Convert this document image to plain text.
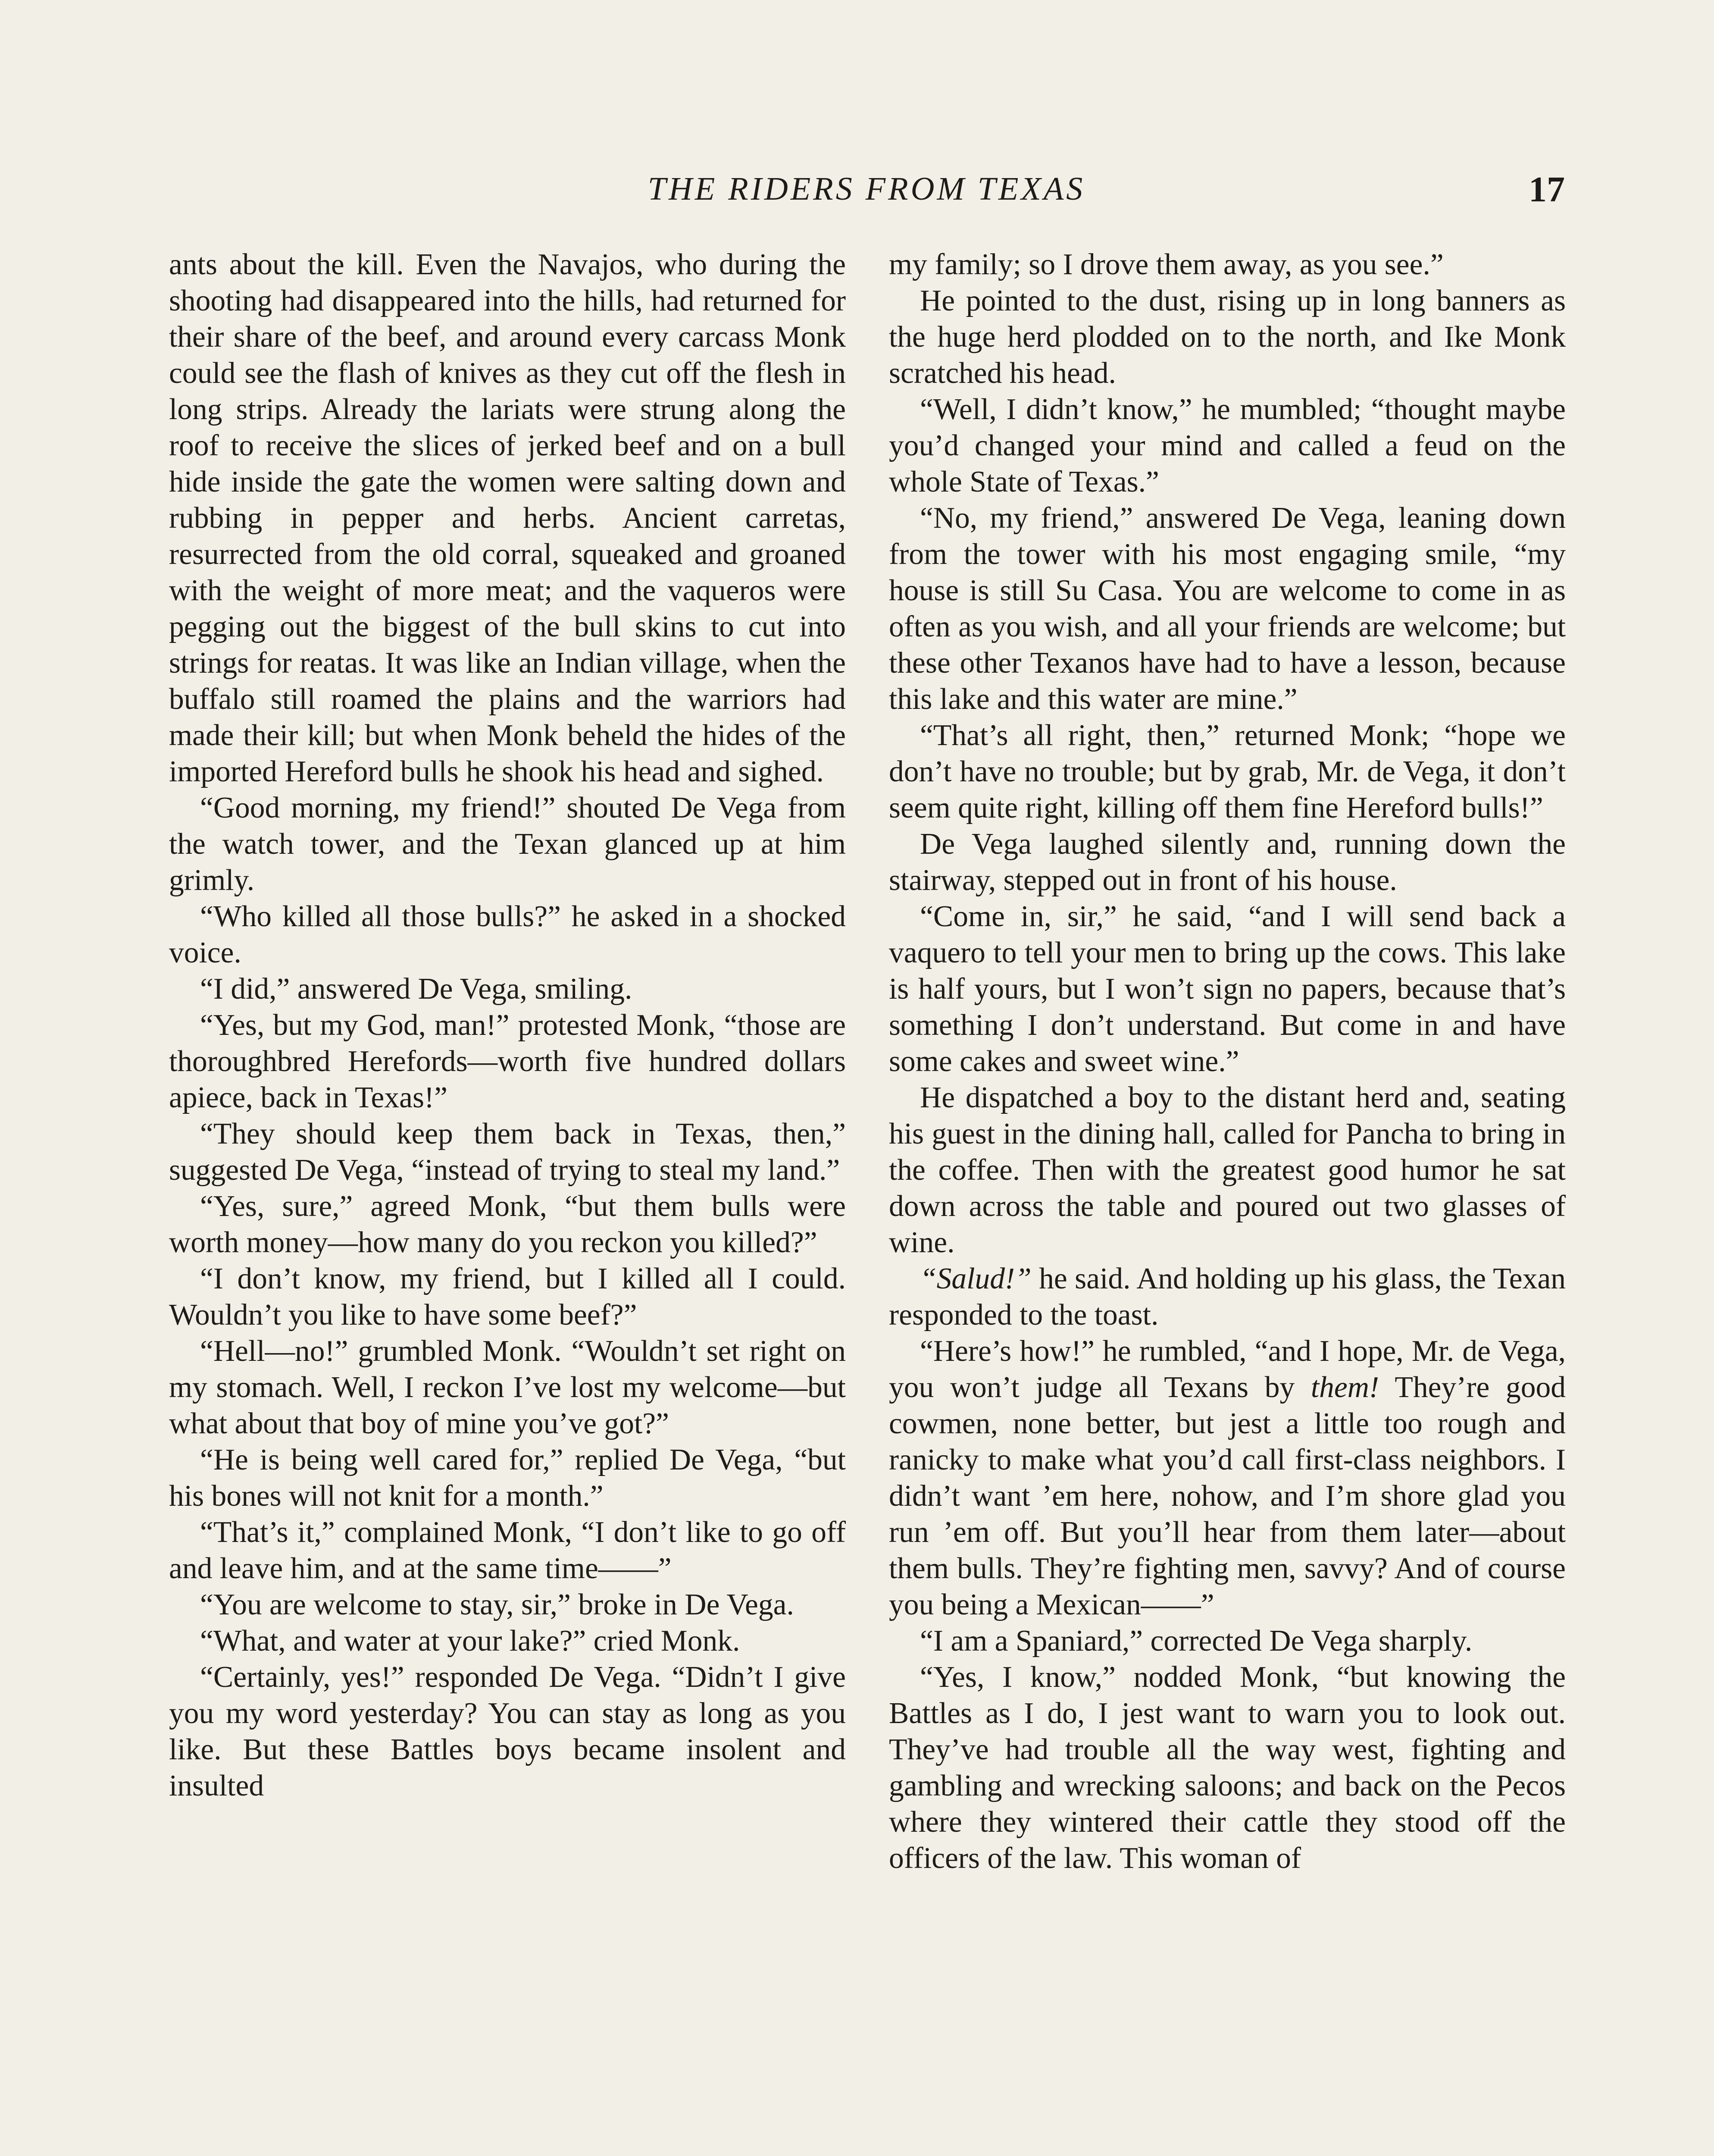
THE RIDERS FROM TEXAS	17

ants about the kill. Even the Navajos, who during the shooting had disappeared into the hills, had returned for their share of the beef, and around every carcass Monk could see the flash of knives as they cut off the flesh in long strips. Already the lariats were strung along the roof to receive the slices of jerked beef and on a bull hide inside the gate the women were salting down and rubbing in pepper and herbs. Ancient carretas, resurrected from the old corral, squeaked and groaned with the weight of more meat; and the vaqueros were pegging out the biggest of the bull skins to cut into strings for reatas. It was like an Indian village, when the buffalo still roamed the plains and the warriors had made their kill; but when Monk beheld the hides of the imported Hereford bulls he shook his head and sighed.

“Good morning, my friend!” shouted De Vega from the watch tower, and the Texan glanced up at him grimly.

“Who killed all those bulls?” he asked in a shocked voice.

“I did,” answered De Vega, smiling.

“Yes, but my God, man!” protested Monk, “those are thoroughbred Herefords—worth five hundred dollars apiece, back in Texas!”

“They should keep them back in Texas, then,” suggested De Vega, “instead of trying to steal my land.”

“Yes, sure,” agreed Monk, “but them bulls were worth money—how many do you reckon you killed?”

“I don’t know, my friend, but I killed all I could. Wouldn’t you like to have some beef?”

“Hell—no!” grumbled Monk. “Wouldn’t set right on my stomach. Well, I reckon I’ve lost my welcome—but what about that boy of mine you’ve got?”

“He is being well cared for,” replied De Vega, “but his bones will not knit for a month.”

“That’s it,” complained Monk, “I don’t like to go off and leave him, and at the same time——”

“You are welcome to stay, sir,” broke in De Vega.

“What, and water at your lake?” cried Monk.

“Certainly, yes!” responded De Vega. “Didn’t I give you my word yesterday? You can stay as long as you like. But these Battles boys became insolent and insulted

my family; so I drove them away, as you see.”

He pointed to the dust, rising up in long banners as the huge herd plodded on to the north, and Ike Monk scratched his head.

“Well, I didn’t know,” he mumbled; “thought maybe you’d changed your mind and called a feud on the whole State of Texas.”

“No, my friend,” answered De Vega, leaning down from the tower with his most engaging smile, “my house is still Su Casa. You are welcome to come in as often as you wish, and all your friends are welcome; but these other Texanos have had to have a lesson, because this lake and this water are mine.”

“That’s all right, then,” returned Monk; “hope we don’t have no trouble; but by grab, Mr. de Vega, it don’t seem quite right, killing off them fine Hereford bulls!”

De Vega laughed silently and, running down the stairway, stepped out in front of his house.

“Come in, sir,” he said, “and I will send back a vaquero to tell your men to bring up the cows. This lake is half yours, but I won’t sign no papers, because that’s something I don’t understand. But come in and have some cakes and sweet wine.”

He dispatched a boy to the distant herd and, seating his guest in the dining hall, called for Pancha to bring in the coffee. Then with the greatest good humor he sat down across the table and poured out two glasses of wine.

“Salud!” he said. And holding up his glass, the Texan responded to the toast.

“Here’s how!” he rumbled, “and I hope, Mr. de Vega, you won’t judge all Texans by them! They’re good cowmen, none better, but jest a little too rough and ranicky to make what you’d call first-class neighbors. I didn’t want ’em here, nohow, and I’m shore glad you run ’em off. But you’ll hear from them later—about them bulls. They’re fighting men, savvy? And of course you being a Mexican——”

“I am a Spaniard,” corrected De Vega sharply.

“Yes, I know,” nodded Monk, “but knowing the Battles as I do, I jest want to warn you to look out. They’ve had trouble all the way west, fighting and gambling and wrecking saloons; and back on the Pecos where they wintered their cattle they stood off the officers of the law. This woman of
